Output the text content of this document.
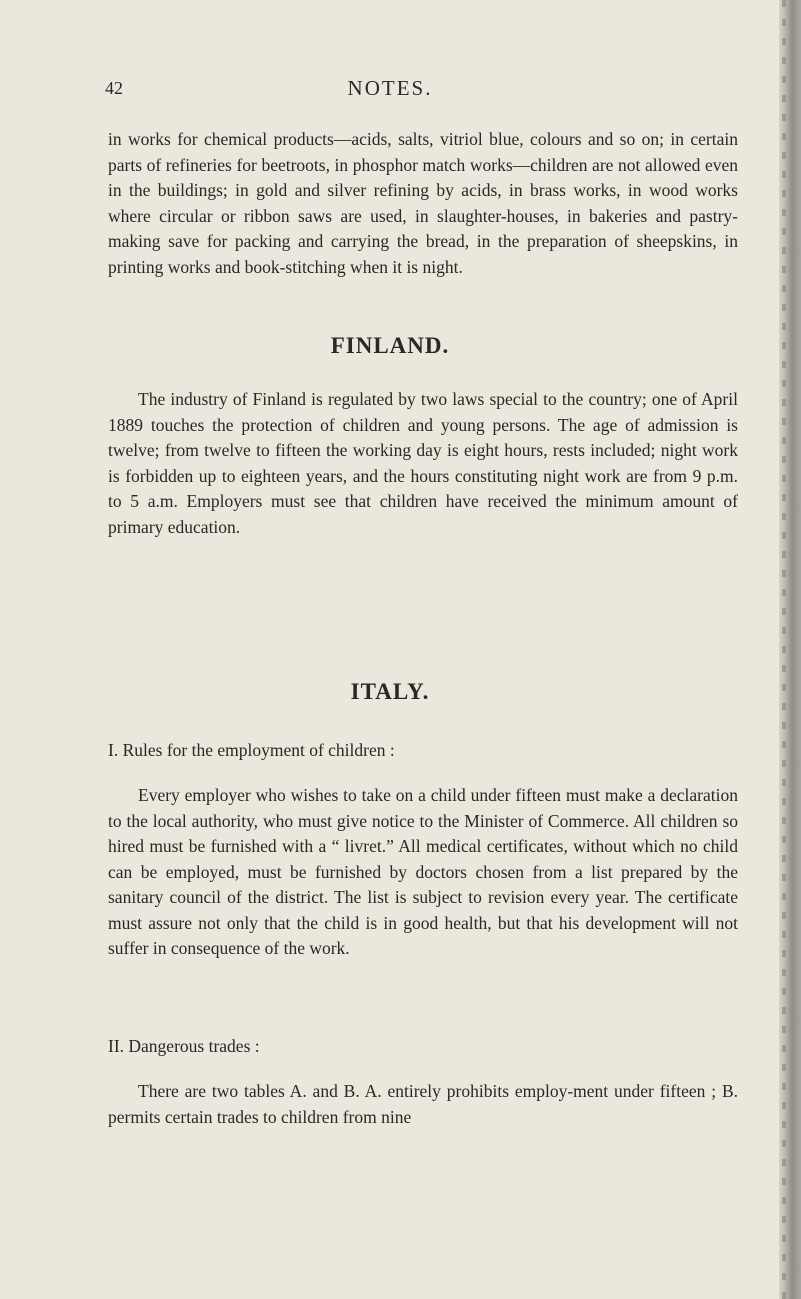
42	NOTES.

in works for chemical products—acids, salts, vitriol blue, colours and so on; in certain parts of refineries for beetroots, in phosphor match works—children are not allowed even in the buildings; in gold and silver refining by acids, in brass works, in wood works where circular or ribbon saws are used, in slaughter-houses, in bakeries and pastry-making save for packing and carrying the bread, in the preparation of sheepskins, in printing works and book-stitching when it is night.

FINLAND.

The industry of Finland is regulated by two laws special to the country; one of April 1889 touches the protection of children and young persons. The age of admission is twelve; from twelve to fifteen the working day is eight hours, rests included; night work is forbidden up to eighteen years, and the hours constituting night work are from 9 p.m. to 5 a.m. Employers must see that children have received the minimum amount of primary education.

ITALY.

I. Rules for the employment of children :

Every employer who wishes to take on a child under fifteen must make a declaration to the local authority, who must give notice to the Minister of Commerce. All children so hired must be furnished with a “ livret.” All medical certificates, without which no child can be employed, must be furnished by doctors chosen from a list prepared by the sanitary council of the district. The list is subject to revision every year. The certificate must assure not only that the child is in good health, but that his development will not suffer in consequence of the work.

II. Dangerous trades :

There are two tables A. and B. A. entirely prohibits employ-ment under fifteen ; B. permits certain trades to children from nine
